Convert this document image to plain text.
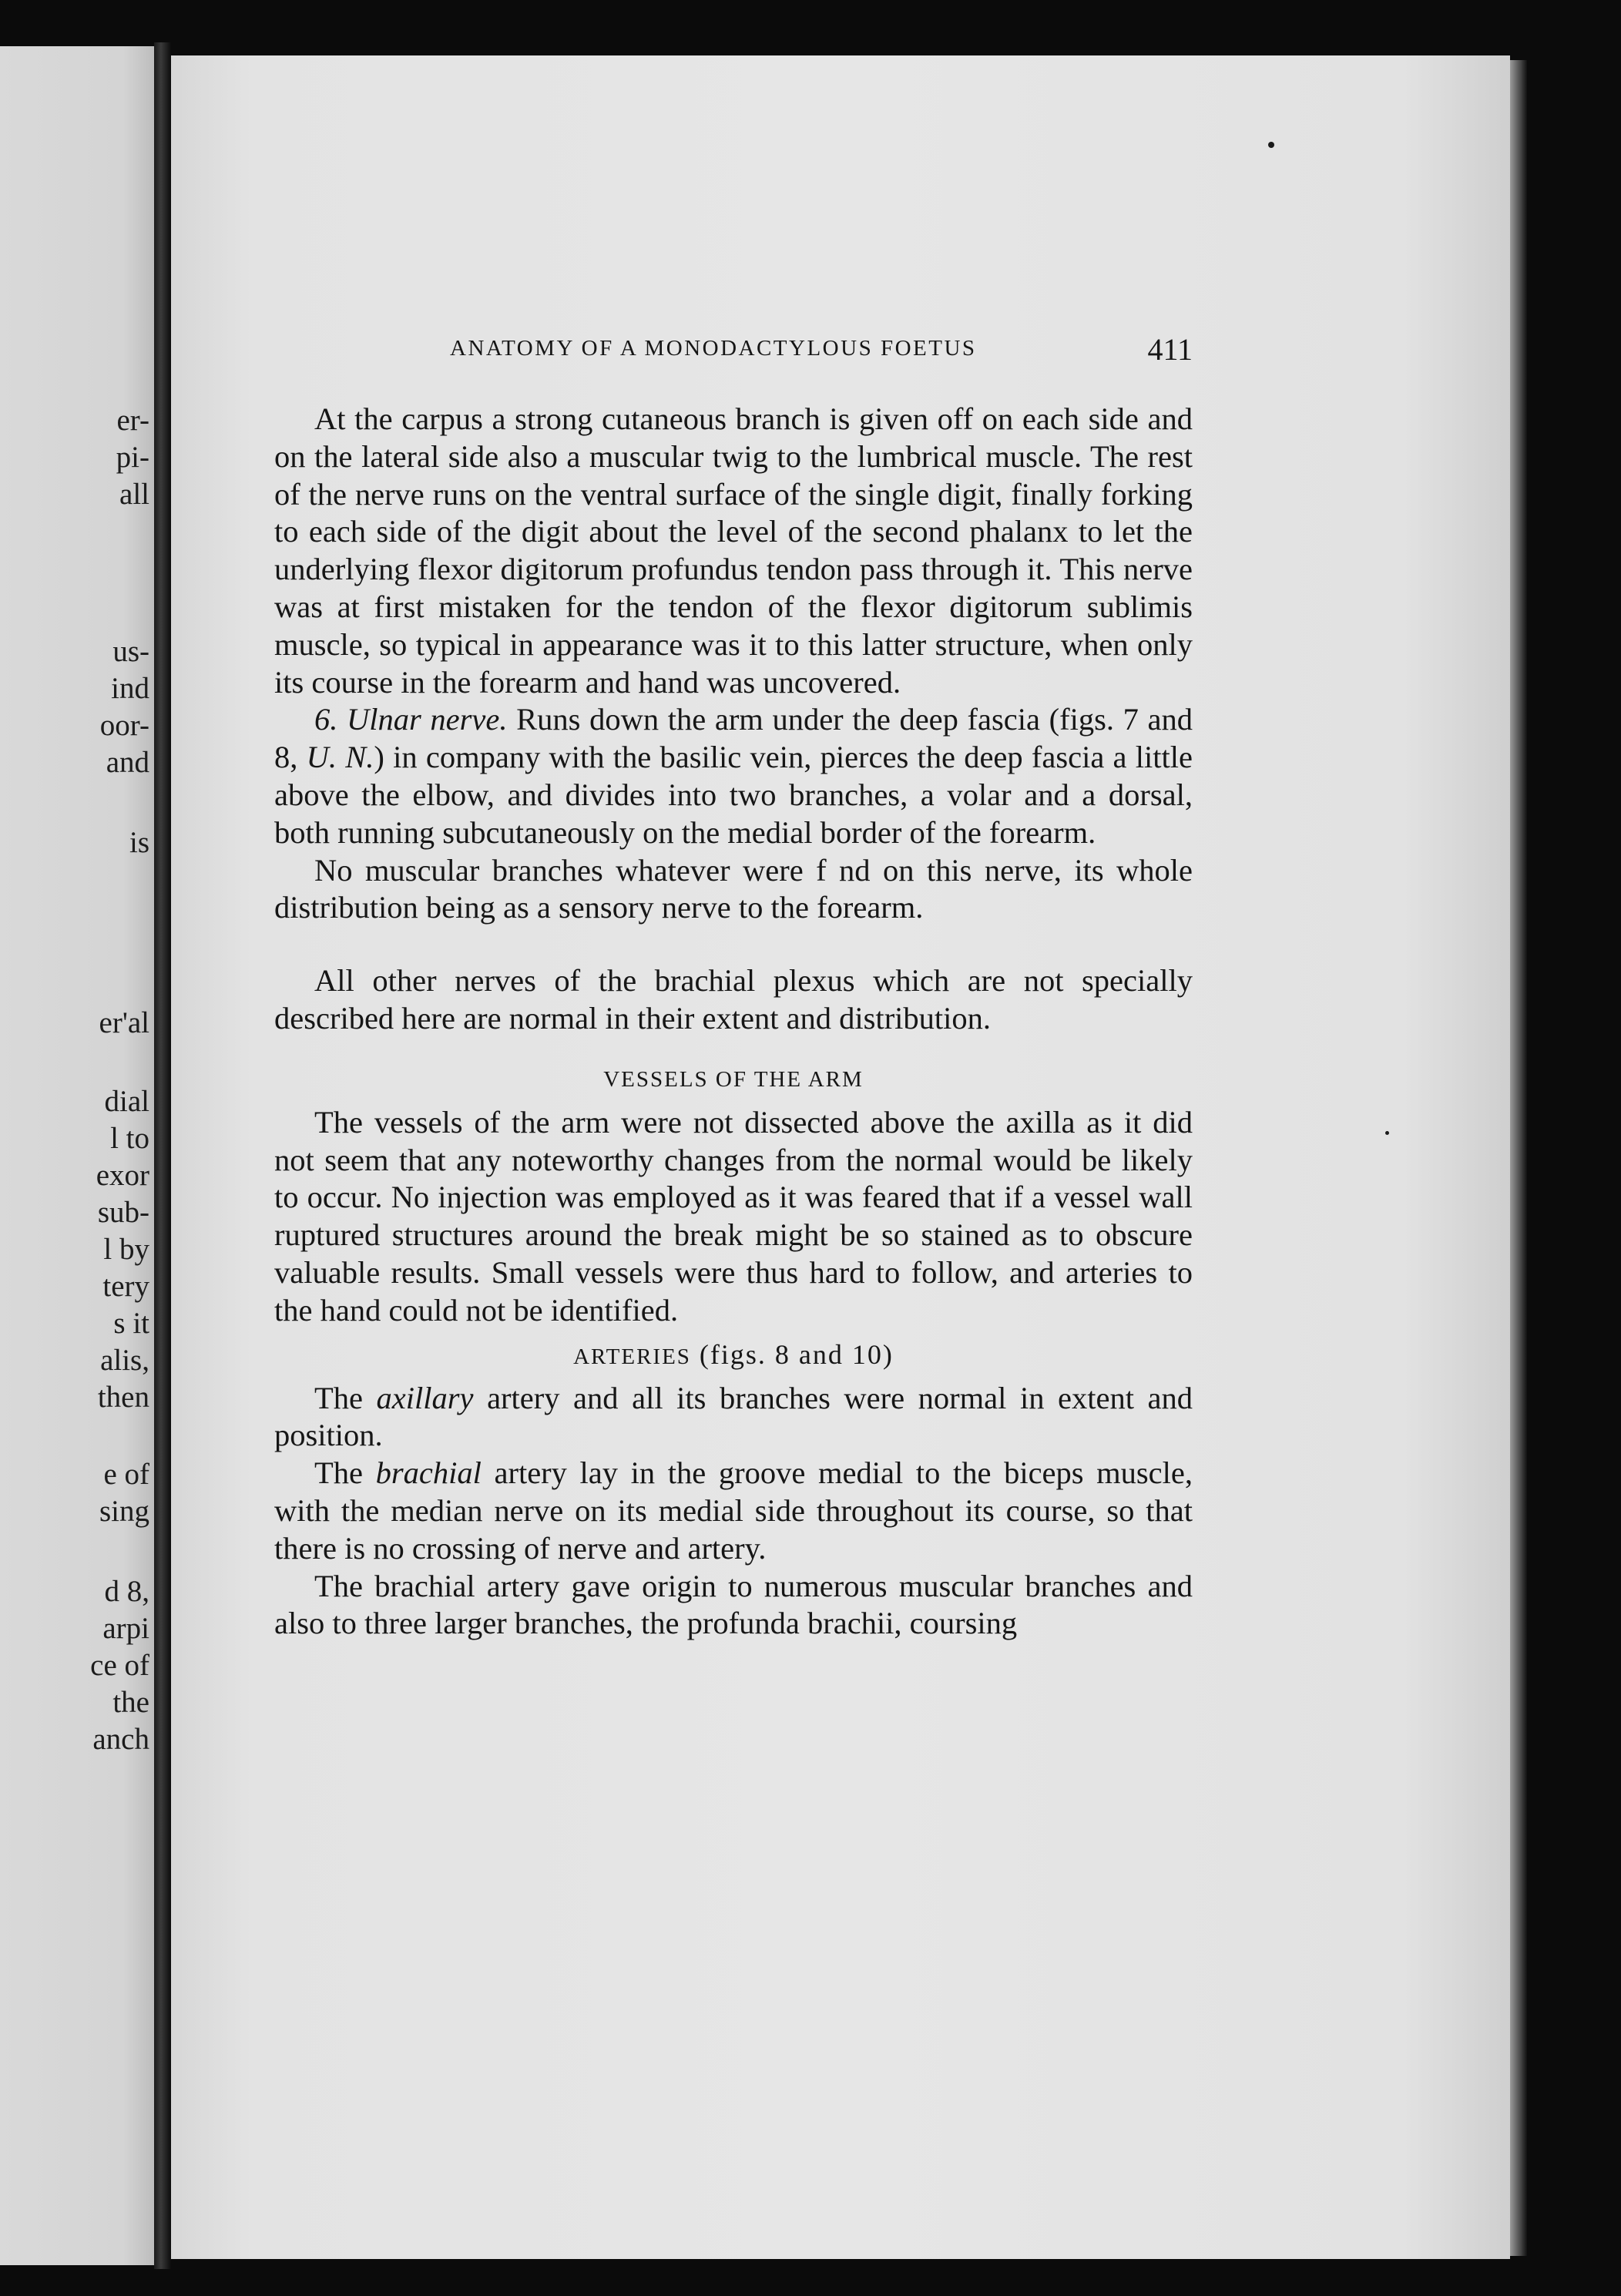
er-
pi-
all
us-
ind
oor-
and
is
er'al
dial
l to
exor
sub-
l by
tery
s it
alis,
then
e of
sing
d 8,
arpi
ce of
the
anch
ANATOMY OF A MONODACTYLOUS FOETUS	411

At the carpus a strong cutaneous branch is given off on each side and on the lateral side also a muscular twig to the lumbrical muscle. The rest of the nerve runs on the ventral surface of the single digit, finally forking to each side of the digit about the level of the second phalanx to let the underlying flexor digitorum profundus tendon pass through it. This nerve was at first mistaken for the tendon of the flexor digitorum sublimis muscle, so typical in appearance was it to this latter structure, when only its course in the forearm and hand was uncovered.

6. Ulnar nerve. Runs down the arm under the deep fascia (figs. 7 and 8, U. N.) in company with the basilic vein, pierces the deep fascia a little above the elbow, and divides into two branches, a volar and a dorsal, both running subcutaneously on the medial border of the forearm.

No muscular branches whatever were f nd on this nerve, its whole distribution being as a sensory nerve to the forearm.

All other nerves of the brachial plexus which are not specially described here are normal in their extent and distribution.

VESSELS OF THE ARM

The vessels of the arm were not dissected above the axilla as it did not seem that any noteworthy changes from the normal would be likely to occur. No injection was employed as it was feared that if a vessel wall ruptured structures around the break might be so stained as to obscure valuable results. Small vessels were thus hard to follow, and arteries to the hand could not be identified.

ARTERIES (figs. 8 and 10)

The axillary artery and all its branches were normal in extent and position.

The brachial artery lay in the groove medial to the biceps muscle, with the median nerve on its medial side throughout its course, so that there is no crossing of nerve and artery.

The brachial artery gave origin to numerous muscular branches and also to three larger branches, the profunda brachii, coursing
